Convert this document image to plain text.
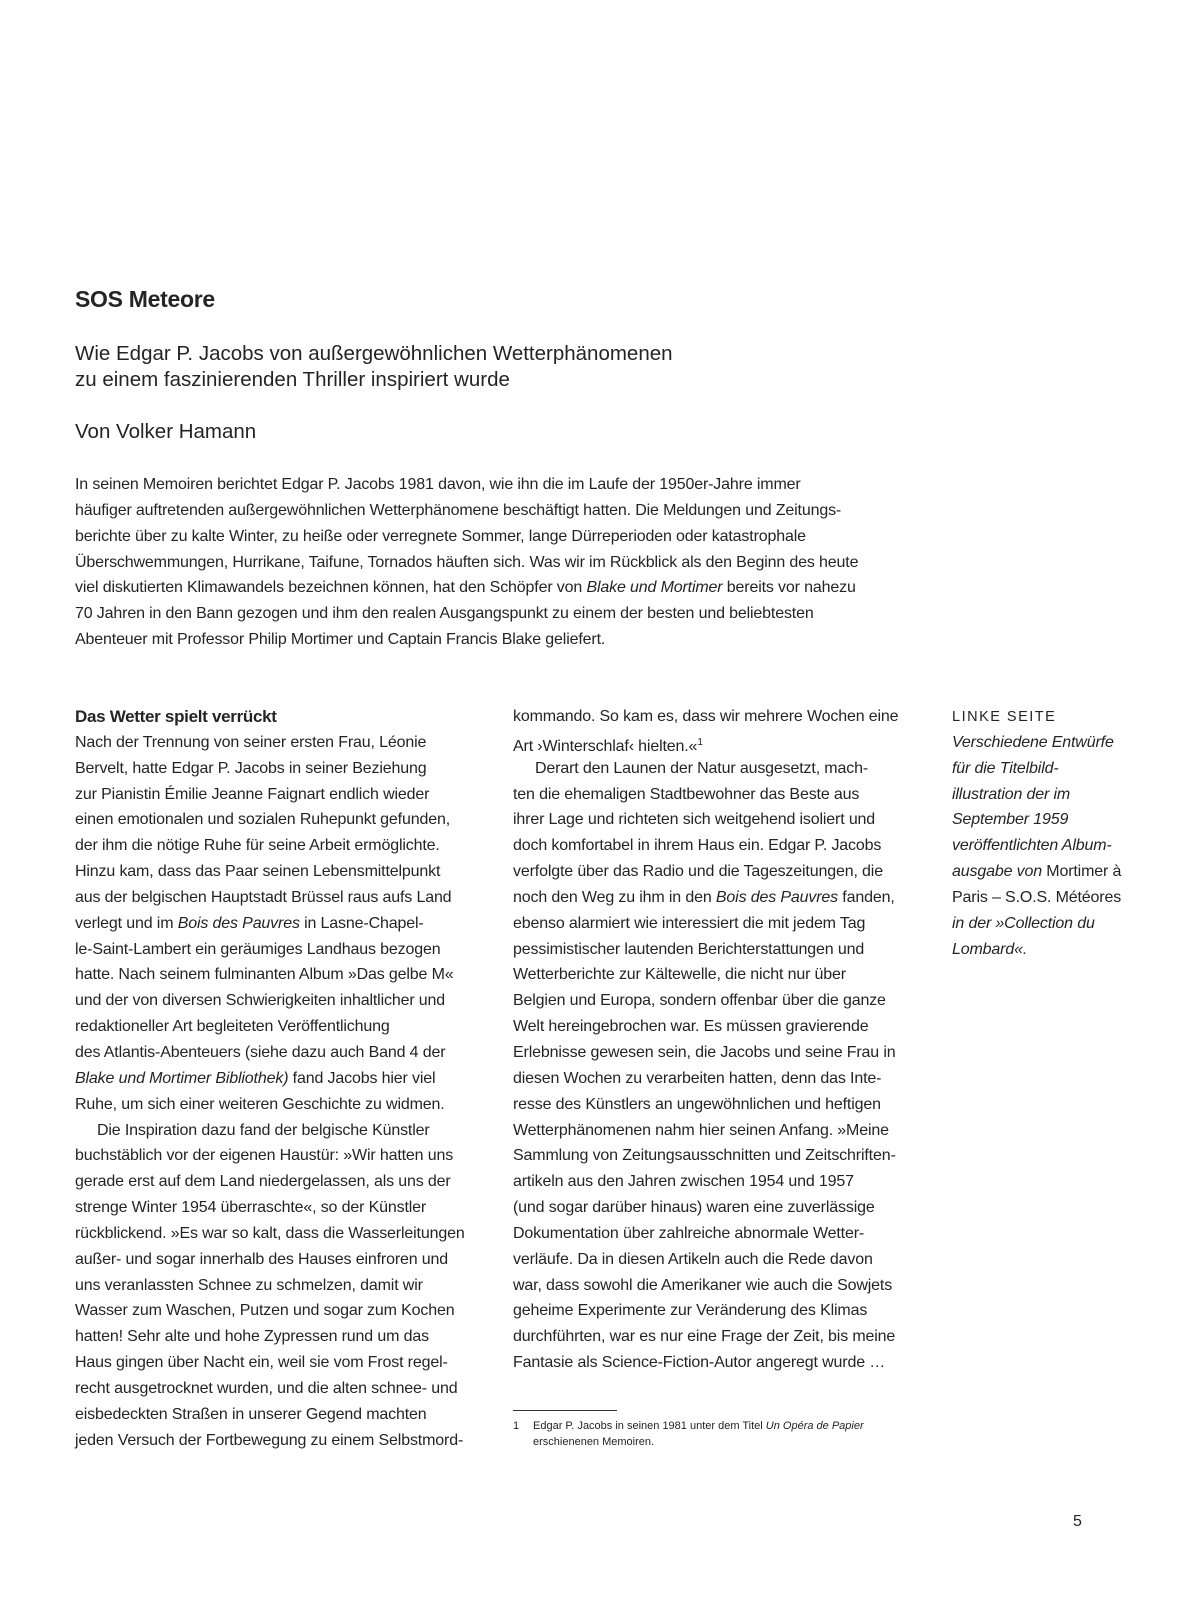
SOS Meteore
Wie Edgar P. Jacobs von außergewöhnlichen Wetterphänomenen
zu einem faszinierenden Thriller inspiriert wurde
Von Volker Hamann
In seinen Memoiren berichtet Edgar P. Jacobs 1981 davon, wie ihn die im Laufe der 1950er-Jahre immer
häufiger auftretenden außergewöhnlichen Wetterphänomene beschäftigt hatten. Die Meldungen und Zeitungs-
berichte über zu kalte Winter, zu heiße oder verregnete Sommer, lange Dürreperioden oder katastrophale
Überschwemmungen, Hurrikane, Taifune, Tornados häuften sich. Was wir im Rückblick als den Beginn des heute
viel diskutierten Klimawandels bezeichnen können, hat den Schöpfer von Blake und Mortimer bereits vor nahezu
70 Jahren in den Bann gezogen und ihm den realen Ausgangspunkt zu einem der besten und beliebtesten
Abenteuer mit Professor Philip Mortimer und Captain Francis Blake geliefert.
Das Wetter spielt verrückt
Nach der Trennung von seiner ersten Frau, Léonie
Bervelt, hatte Edgar P. Jacobs in seiner Beziehung
zur Pianistin Émilie Jeanne Faignart endlich wieder
einen emotionalen und sozialen Ruhepunkt gefunden,
der ihm die nötige Ruhe für seine Arbeit ermöglichte.
Hinzu kam, dass das Paar seinen Lebensmittelpunkt
aus der belgischen Hauptstadt Brüssel raus aufs Land
verlegt und im Bois des Pauvres in Lasne-Chapel-
le-Saint-Lambert ein geräumiges Landhaus bezogen
hatte. Nach seinem fulminanten Album »Das gelbe M«
und der von diversen Schwierigkeiten inhaltlicher und
redaktioneller Art begleiteten Veröffentlichung
des Atlantis-Abenteuers (siehe dazu auch Band 4 der
Blake und Mortimer Bibliothek) fand Jacobs hier viel
Ruhe, um sich einer weiteren Geschichte zu widmen.
Die Inspiration dazu fand der belgische Künstler
buchstäblich vor der eigenen Haustür: »Wir hatten uns
gerade erst auf dem Land niedergelassen, als uns der
strenge Winter 1954 überraschte«, so der Künstler
rückblickend. »Es war so kalt, dass die Wasserleitungen
außer- und sogar innerhalb des Hauses einfroren und
uns veranlassten Schnee zu schmelzen, damit wir
Wasser zum Waschen, Putzen und sogar zum Kochen
hatten! Sehr alte und hohe Zypressen rund um das
Haus gingen über Nacht ein, weil sie vom Frost regel-
recht ausgetrocknet wurden, und die alten schnee- und
eisbedeckten Straßen in unserer Gegend machten
jeden Versuch der Fortbewegung zu einem Selbstmord-
kommando. So kam es, dass wir mehrere Wochen eine
Art ›Winterschlaf‹ hielten.«$^1$
Derart den Launen der Natur ausgesetzt, mach-
ten die ehemaligen Stadtbewohner das Beste aus
ihrer Lage und richteten sich weitgehend isoliert und
doch komfortabel in ihrem Haus ein. Edgar P. Jacobs
verfolgte über das Radio und die Tageszeitungen, die
noch den Weg zu ihm in den Bois des Pauvres fanden,
ebenso alarmiert wie interessiert die mit jedem Tag
pessimistischer lautenden Berichterstattungen und
Wetterberichte zur Kältewelle, die nicht nur über
Belgien und Europa, sondern offenbar über die ganze
Welt hereingebrochen war. Es müssen gravierende
Erlebnisse gewesen sein, die Jacobs und seine Frau in
diesen Wochen zu verarbeiten hatten, denn das Inte-
resse des Künstlers an ungewöhnlichen und heftigen
Wetterphänomenen nahm hier seinen Anfang. »Meine
Sammlung von Zeitungsausschnitten und Zeitschriften-
artikeln aus den Jahren zwischen 1954 und 1957
(und sogar darüber hinaus) waren eine zuverlässige
Dokumentation über zahlreiche abnormale Wetter-
verläufe. Da in diesen Artikeln auch die Rede davon
war, dass sowohl die Amerikaner wie auch die Sowjets
geheime Experimente zur Veränderung des Klimas
durchführten, war es nur eine Frage der Zeit, bis meine
Fantasie als Science-Fiction-Autor angeregt wurde …
LINKE SEITE
Verschiedene Entwürfe
für die Titelbild-
illustration der im
September 1959
veröffentlichten Album-
ausgabe von Mortimer à
Paris – S.O.S. Météores
in der »Collection du
Lombard«.
1 Edgar P. Jacobs in seinen 1981 unter dem Titel Un Opéra de Papier
erschienenen Memoiren.
5
